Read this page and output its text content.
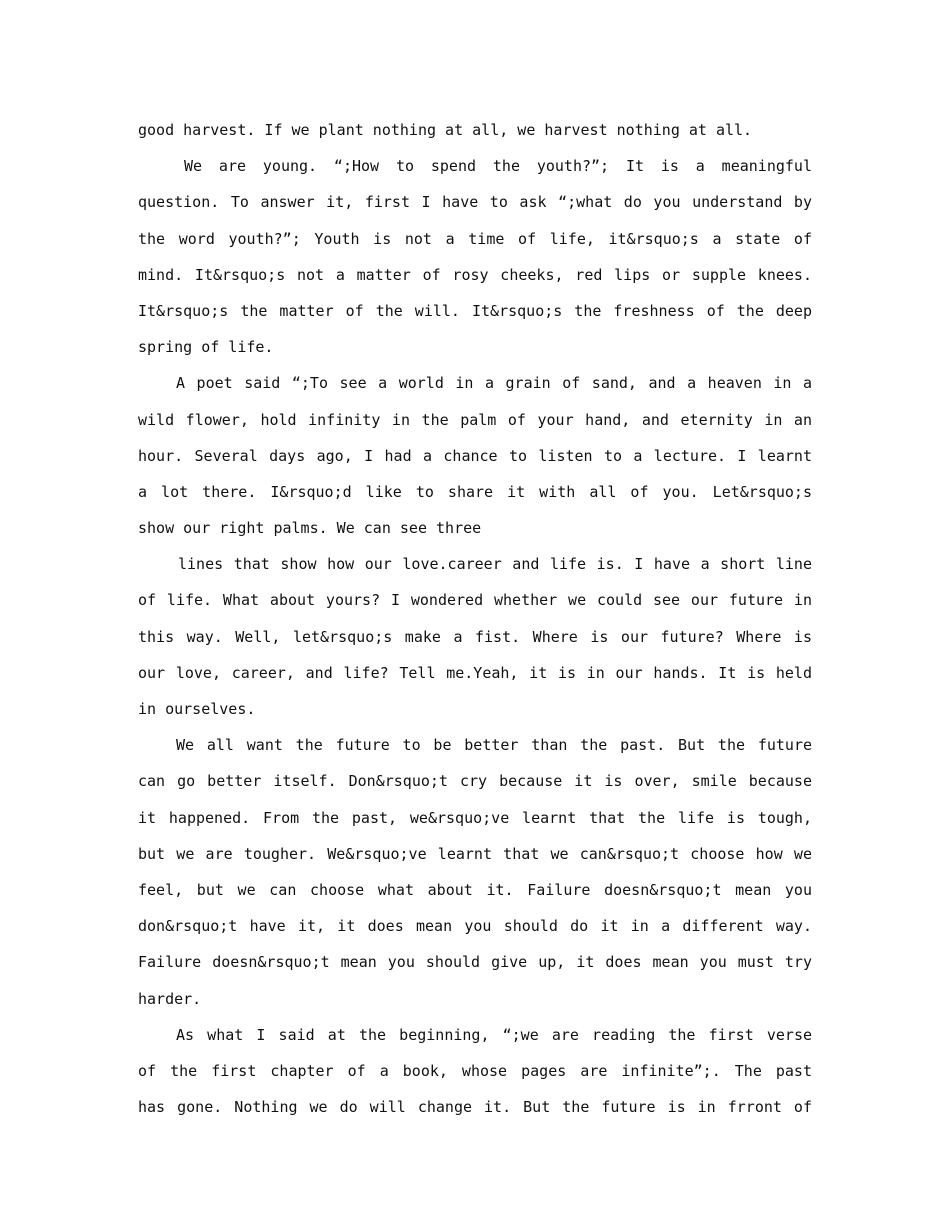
good harvest. If we plant nothing at all, we harvest nothing at all.

We are young. “;How to spend the youth?”; It is a meaningful
question. To answer it, first I have to ask “;what do you understand by
the word youth?”; Youth is not a time of life, it&rsquo;s a state of
mind. It&rsquo;s not a matter of rosy cheeks, red lips or supple knees.
It&rsquo;s the matter of the will. It&rsquo;s the freshness of the deep
spring of life.

A poet said “;To see a world in a grain of sand, and a heaven in a
wild flower, hold infinity in the palm of your hand, and eternity in an
hour. Several days ago, I had a chance to listen to a lecture. I learnt
a lot there. I&rsquo;d like to share it with all of you. Let&rsquo;s
show our right palms. We can see three

lines that show how our love.career and life is. I have a short line
of life. What about yours? I wondered whether we could see our future in
this way. Well, let&rsquo;s make a fist. Where is our future? Where is
our love, career, and life? Tell me.Yeah, it is in our hands. It is held
in ourselves.

We all want the future to be better than the past. But the future
can go better itself. Don&rsquo;t cry because it is over, smile because
it happened. From the past, we&rsquo;ve learnt that the life is tough,
but we are tougher. We&rsquo;ve learnt that we can&rsquo;t choose how we
feel, but we can choose what about it. Failure doesn&rsquo;t mean you
don&rsquo;t have it, it does mean you should do it in a different way.
Failure doesn&rsquo;t mean you should give up, it does mean you must try
harder.

As what I said at the beginning, “;we are reading the first verse
of the first chapter of a book, whose pages are infinite”;. The past
has gone. Nothing we do will change it. But the future is in frront of
